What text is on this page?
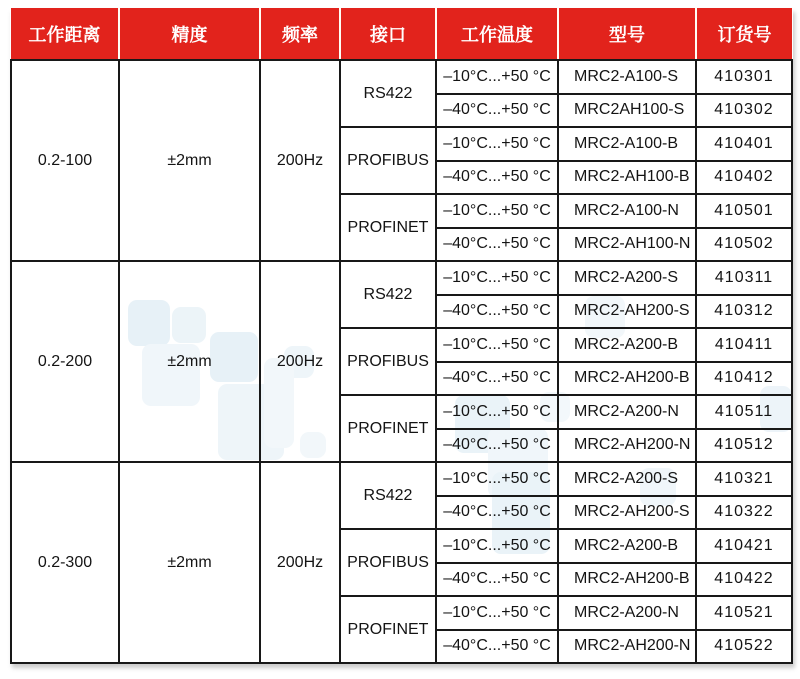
工作距离	精度	频率	接口	工作温度	型号	订货号
0.2-100	±2mm	200Hz	RS422	–10°C...+50 °C	MRC2-A100-S	410301
				–40°C...+50 °C	MRC2AH100-S	410302
			PROFIBUS	–10°C...+50 °C	MRC2-A100-B	410401
				–40°C...+50 °C	MRC2-AH100-B	410402
			PROFINET	–10°C...+50 °C	MRC2-A100-N	410501
				–40°C...+50 °C	MRC2-AH100-N	410502
0.2-200	±2mm	200Hz	RS422	–10°C...+50 °C	MRC2-A200-S	410311
				–40°C...+50 °C	MRC2-AH200-S	410312
			PROFIBUS	–10°C...+50 °C	MRC2-A200-B	410411
				–40°C...+50 °C	MRC2-AH200-B	410412
			PROFINET	–10°C...+50 °C	MRC2-A200-N	410511
				–40°C...+50 °C	MRC2-AH200-N	410512
0.2-300	±2mm	200Hz	RS422	–10°C...+50 °C	MRC2-A200-S	410321
				–40°C...+50 °C	MRC2-AH200-S	410322
			PROFIBUS	–10°C...+50 °C	MRC2-A200-B	410421
				–40°C...+50 °C	MRC2-AH200-B	410422
			PROFINET	–10°C...+50 °C	MRC2-A200-N	410521
				–40°C...+50 °C	MRC2-AH200-N	410522
